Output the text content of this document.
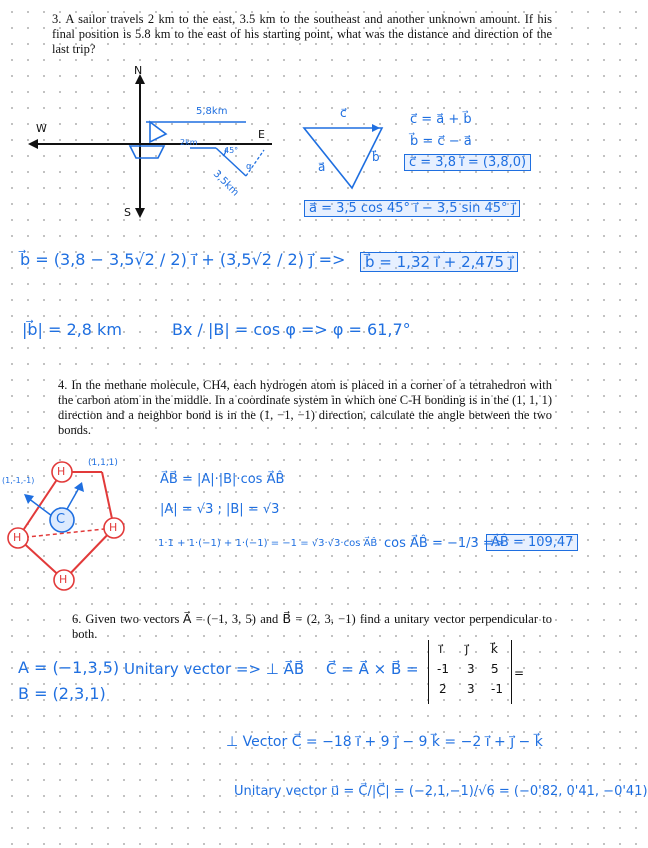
3. A sailor travels 2 km to the east, 3.5 km to the southeast and another unknown amount. If his final position is 5.8 km to the east of his starting point, what was the distance and direction of the last trip?
4. In the methane molecule, CH4, each hydrogen atom is placed in a corner of a tetrahedron with the carbon atom in the middle. In a coordinate system in which one C-H bonding is in the (1, 1, 1) direction and a neighbor bond is in the (1, −1, −1) direction, calculate the angle between the two bonds.
6. Given two vectors A⃗ = (−1, 3, 5) and B⃗ = (2, 3, −1) find a unitary vector perpendicular to both.
N
S
E
W
5,8km
2km
45°
3,5km
α
c⃗
a⃗
b⃗
c⃗ = a⃗ + b⃗
b⃗ = c⃗ − a⃗
c⃗ = 3,8 i⃗ = (3,8,0)
a⃗ = 3,5 cos 45° i⃗ − 3,5 sin 45° j⃗
b⃗ = (3,8 − 3,5√2 / 2) i⃗ + (3,5√2 / 2) j⃗ =>	b⃗ = 1,32 i⃗ + 2,475 j⃗
|b⃗| = 2,8 km	Bx / |B| = cos φ => φ = 61,7°
H
H
H
H
C
(1,1,1)
(1,-1,-1)	A⃗B⃗ = |A|·|B|·cos A⃗B̂
|A| = √3 ; |B| = √3
1·1 + 1·(−1) + 1·(−1) = −1 = √3·√3·cos A⃗B̂ cos A⃗B̂ = −1/3 =>
A⃗B̂ = 109,47
A = (−1,3,5)
B = (2,3,1)
Unitary vector => ⊥ A⃗B⃗ C⃗ = A⃗ × B⃗ =
i⃗ j⃗ k⃗
-1 3 5
2 3 -1
=
⊥ Vector C⃗ = −18 i⃗ + 9 j⃗ − 9 k⃗ = −2 i⃗ + j⃗ − k⃗
Unitary vector u⃗ = C⃗/|C⃗| = (−2,1,−1)/√6 = (−0'82, 0'41, −0'41)
